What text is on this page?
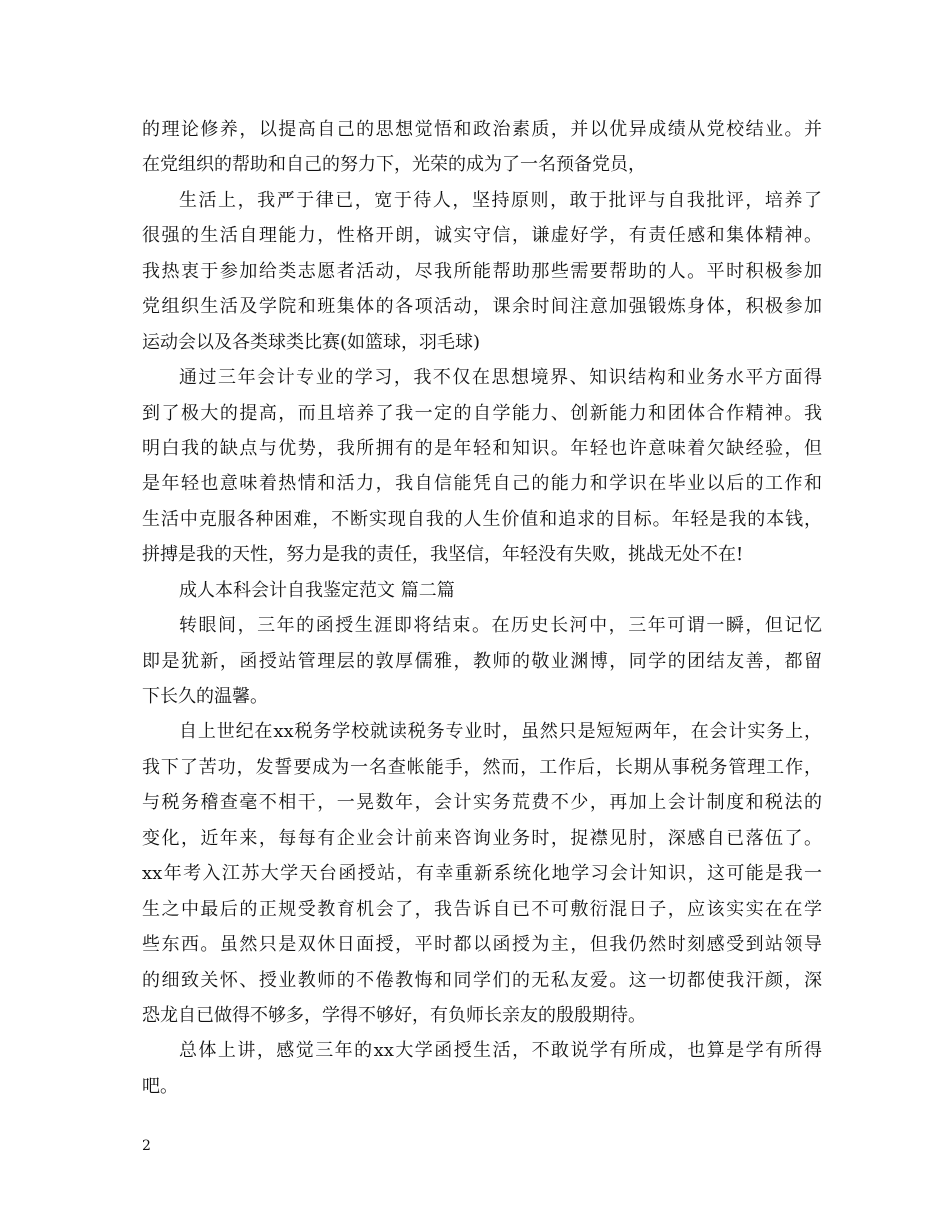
的理论修养，以提高自己的思想觉悟和政治素质，并以优异成绩从党校结业。并
在党组织的帮助和自己的努力下，光荣的成为了一名预备党员，
生活上，我严于律已，宽于待人，坚持原则，敢于批评与自我批评，培养了
很强的生活自理能力，性格开朗，诚实守信，谦虚好学，有责任感和集体精神。
我热衷于参加给类志愿者活动，尽我所能帮助那些需要帮助的人。平时积极参加
党组织生活及学院和班集体的各项活动，课余时间注意加强锻炼身体，积极参加
运动会以及各类球类比赛(如篮球，羽毛球)
通过三年会计专业的学习，我不仅在思想境界、知识结构和业务水平方面得
到了极大的提高，而且培养了我一定的自学能力、创新能力和团体合作精神。我
明白我的缺点与优势，我所拥有的是年轻和知识。年轻也许意味着欠缺经验，但
是年轻也意味着热情和活力，我自信能凭自己的能力和学识在毕业以后的工作和
生活中克服各种困难，不断实现自我的人生价值和追求的目标。年轻是我的本钱，
拼搏是我的天性，努力是我的责任，我坚信，年轻没有失败，挑战无处不在!
成人本科会计自我鉴定范文 篇二篇
转眼间，三年的函授生涯即将结束。在历史长河中，三年可谓一瞬，但记忆
即是犹新，函授站管理层的敦厚儒雅，教师的敬业渊博，同学的团结友善，都留
下长久的温馨。
自上世纪在xx税务学校就读税务专业时，虽然只是短短两年，在会计实务上，
我下了苦功，发誓要成为一名查帐能手，然而，工作后，长期从事税务管理工作，
与税务稽查毫不相干，一晃数年，会计实务荒费不少，再加上会计制度和税法的
变化，近年来，每每有企业会计前来咨询业务时，捉襟见肘，深感自已落伍了。
xx年考入江苏大学天台函授站，有幸重新系统化地学习会计知识，这可能是我一
生之中最后的正规受教育机会了，我告诉自已不可敷衍混日子，应该实实在在学
些东西。虽然只是双休日面授，平时都以函授为主，但我仍然时刻感受到站领导
的细致关怀、授业教师的不倦教悔和同学们的无私友爱。这一切都使我汗颜，深
恐龙自已做得不够多，学得不够好，有负师长亲友的殷殷期待。
总体上讲，感觉三年的xx大学函授生活，不敢说学有所成，也算是学有所得
吧。
2
